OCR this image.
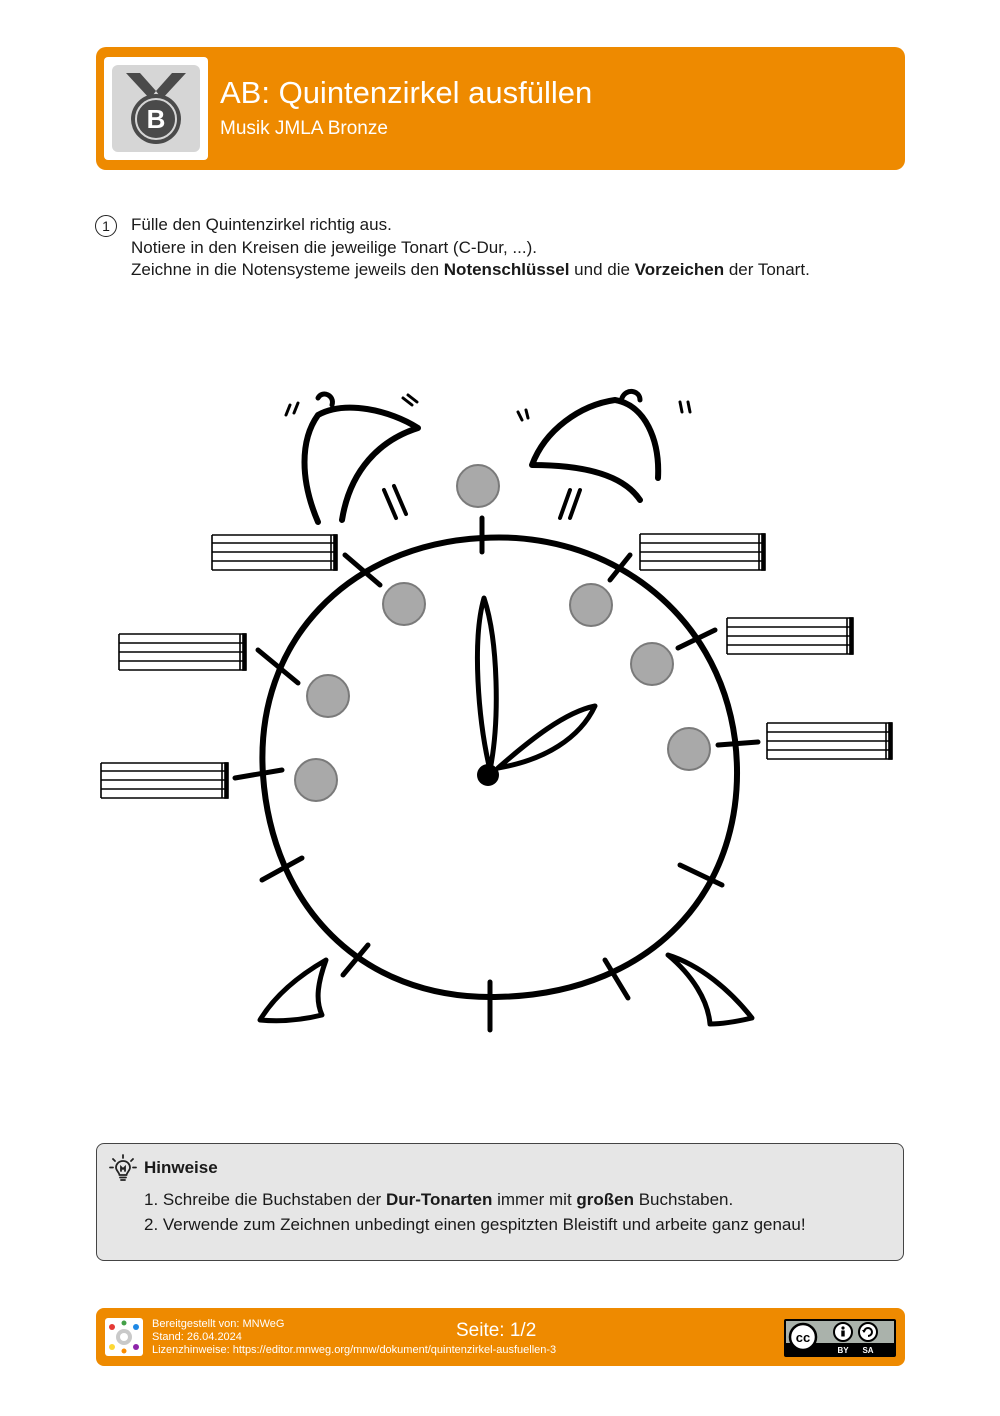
B
AB: Quintenzirkel ausfüllen
Musik JMLA Bronze
1	Fülle den Quintenzirkel richtig aus.
Notiere in den Kreisen die jeweilige Tonart (C-Dur, ...).
Zeichne in die Notensysteme jeweils den Notenschlüssel und die Vorzeichen der Tonart.
Hinweise
1. Schreibe die Buchstaben der Dur-Tonarten immer mit großen Buchstaben.
2. Verwende zum Zeichnen unbedingt einen gespitzten Bleistift und arbeite ganz genau!
Bereitgestellt von: MNWeG
Stand: 26.04.2024
Lizenzhinweise: https://editor.mnweg.org/mnw/dokument/quintenzirkel-ausfuellen-3
Seite: 1/2	cc
BY SA
